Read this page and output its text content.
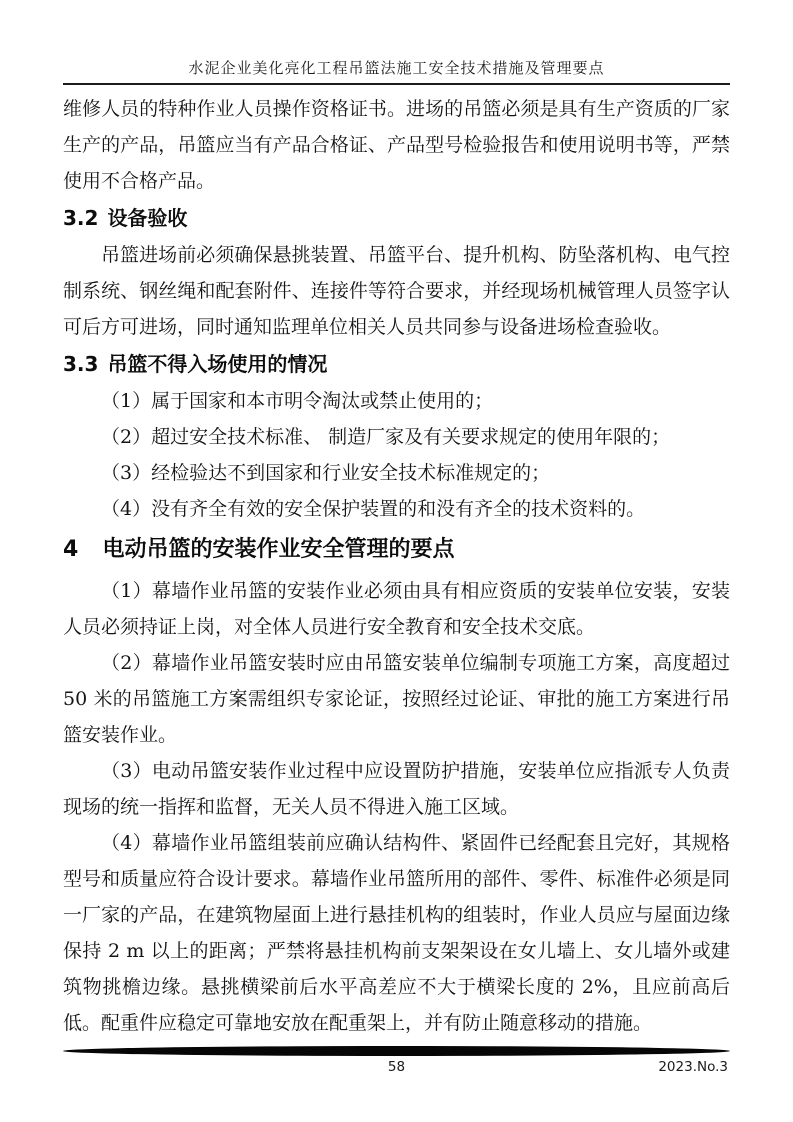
水泥企业美化亮化工程吊篮法施工安全技术措施及管理要点

维修人员的特种作业人员操作资格证书。进场的吊篮必须是具有生产资质的厂家生产的产品，吊篮应当有产品合格证、产品型号检验报告和使用说明书等，严禁使用不合格产品。

3.2 设备验收

吊篮进场前必须确保悬挑装置、吊篮平台、提升机构、防坠落机构、电气控制系统、钢丝绳和配套附件、连接件等符合要求，并经现场机械管理人员签字认可后方可进场，同时通知监理单位相关人员共同参与设备进场检查验收。

3.3 吊篮不得入场使用的情况

（1）属于国家和本市明令淘汰或禁止使用的；

（2）超过安全技术标准、 制造厂家及有关要求规定的使用年限的；

（3）经检验达不到国家和行业安全技术标准规定的；

（4）没有齐全有效的安全保护装置的和没有齐全的技术资料的。

4 电动吊篮的安装作业安全管理的要点

（1）幕墙作业吊篮的安装作业必须由具有相应资质的安装单位安装，安装人员必须持证上岗，对全体人员进行安全教育和安全技术交底。

（2）幕墙作业吊篮安装时应由吊篮安装单位编制专项施工方案，高度超过 50 米的吊篮施工方案需组织专家论证，按照经过论证、审批的施工方案进行吊篮安装作业。

（3）电动吊篮安装作业过程中应设置防护措施，安装单位应指派专人负责现场的统一指挥和监督，无关人员不得进入施工区域。

（4）幕墙作业吊篮组装前应确认结构件、紧固件已经配套且完好，其规格型号和质量应符合设计要求。幕墙作业吊篮所用的部件、零件、标准件必须是同一厂家的产品，在建筑物屋面上进行悬挂机构的组装时，作业人员应与屋面边缘保持 2 m 以上的距离；严禁将悬挂机构前支架架设在女儿墙上、女儿墙外或建筑物挑檐边缘。悬挑横梁前后水平高差应不大于横梁长度的 2%，且应前高后低。配重件应稳定可靠地安放在配重架上，并有防止随意移动的措施。

58	2023.No.3
